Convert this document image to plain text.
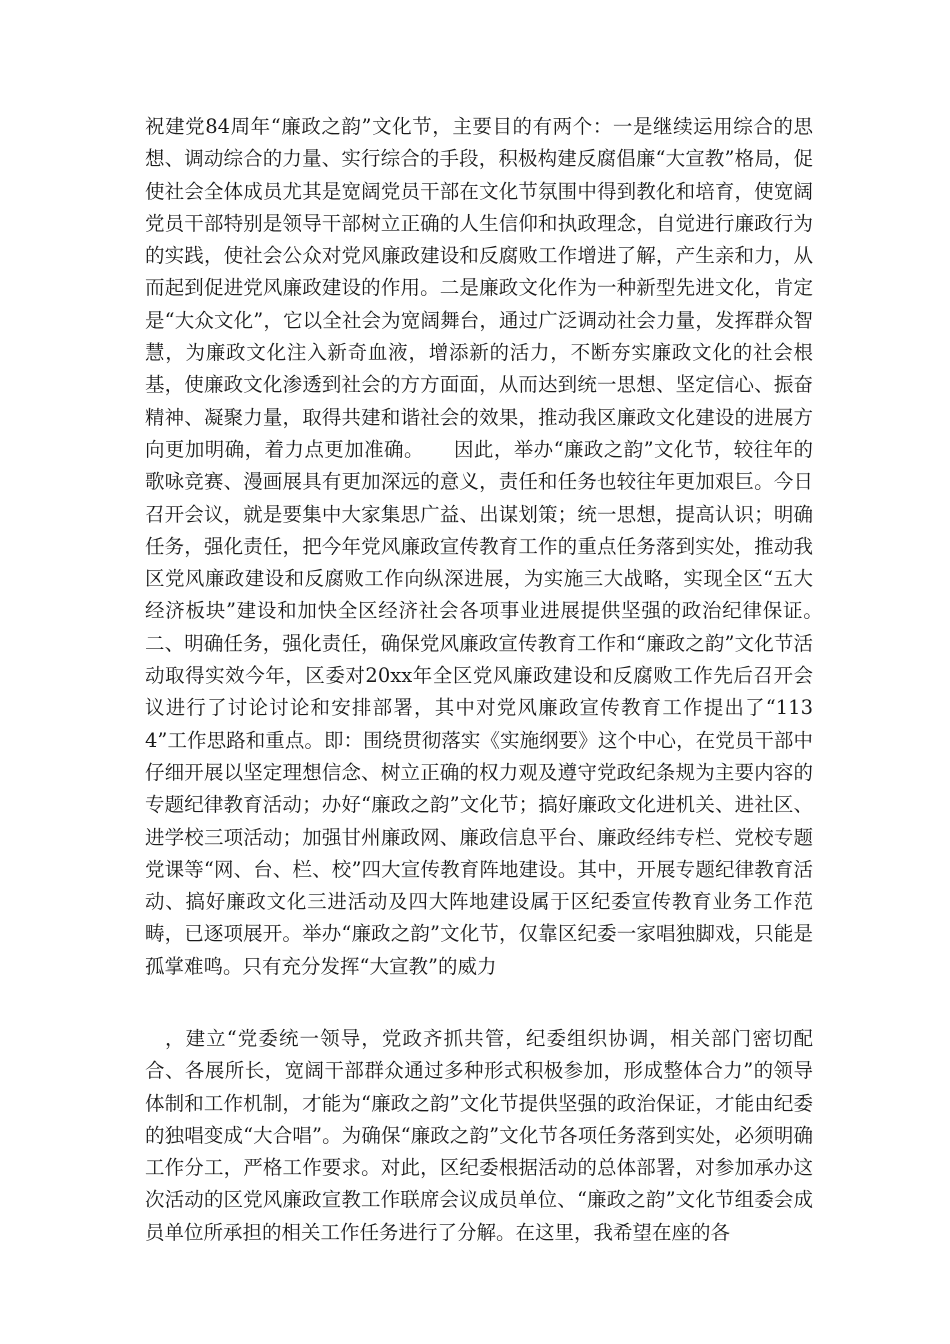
祝建党84周年“廉政之韵”文化节，主要目的有两个：一是继续运用综合的思想、调动综合的力量、实行综合的手段，积极构建反腐倡廉“大宣教”格局，促使社会全体成员尤其是宽阔党员干部在文化节氛围中得到教化和培育，使宽阔党员干部特别是领导干部树立正确的人生信仰和执政理念，自觉进行廉政行为的实践，使社会公众对党风廉政建设和反腐败工作增进了解，产生亲和力，从而起到促进党风廉政建设的作用。二是廉政文化作为一种新型先进文化，肯定是“大众文化”，它以全社会为宽阔舞台，通过广泛调动社会力量，发挥群众智慧，为廉政文化注入新奇血液，增添新的活力，不断夯实廉政文化的社会根基，使廉政文化渗透到社会的方方面面，从而达到统一思想、坚定信心、振奋精神、凝聚力量，取得共建和谐社会的效果，推动我区廉政文化建设的进展方向更加明确，着力点更加准确。　　因此，举办“廉政之韵”文化节，较往年的歌咏竞赛、漫画展具有更加深远的意义，责任和任务也较往年更加艰巨。今日召开会议，就是要集中大家集思广益、出谋划策；统一思想，提高认识；明确任务，强化责任，把今年党风廉政宣传教育工作的重点任务落到实处，推动我区党风廉政建设和反腐败工作向纵深进展，为实施三大战略，实现全区“五大经济板块”建设和加快全区经济社会各项事业进展提供坚强的政治纪律保证。　　二、明确任务，强化责任，确保党风廉政宣传教育工作和“廉政之韵”文化节活动取得实效今年，区委对20xx年全区党风廉政建设和反腐败工作先后召开会议进行了讨论讨论和安排部署，其中对党风廉政宣传教育工作提出了“1134”工作思路和重点。即：围绕贯彻落实《实施纲要》这个中心，在党员干部中仔细开展以坚定理想信念、树立正确的权力观及遵守党政纪条规为主要内容的专题纪律教育活动；办好“廉政之韵”文化节；搞好廉政文化进机关、进社区、进学校三项活动；加强甘州廉政网、廉政信息平台、廉政经纬专栏、党校专题党课等“网、台、栏、校”四大宣传教育阵地建设。其中，开展专题纪律教育活动、搞好廉政文化三进活动及四大阵地建设属于区纪委宣传教育业务工作范畴，已逐项展开。举办“廉政之韵”文化节，仅靠区纪委一家唱独脚戏，只能是孤掌难鸣。只有充分发挥“大宣教”的威力

，建立“党委统一领导，党政齐抓共管，纪委组织协调，相关部门密切配合、各展所长，宽阔干部群众通过多种形式积极参加，形成整体合力”的领导体制和工作机制，才能为“廉政之韵”文化节提供坚强的政治保证，才能由纪委的独唱变成“大合唱”。为确保“廉政之韵”文化节各项任务落到实处，必须明确工作分工，严格工作要求。对此，区纪委根据活动的总体部署，对参加承办这次活动的区党风廉政宣教工作联席会议成员单位、“廉政之韵”文化节组委会成员单位所承担的相关工作任务进行了分解。在这里，我希望在座的各
